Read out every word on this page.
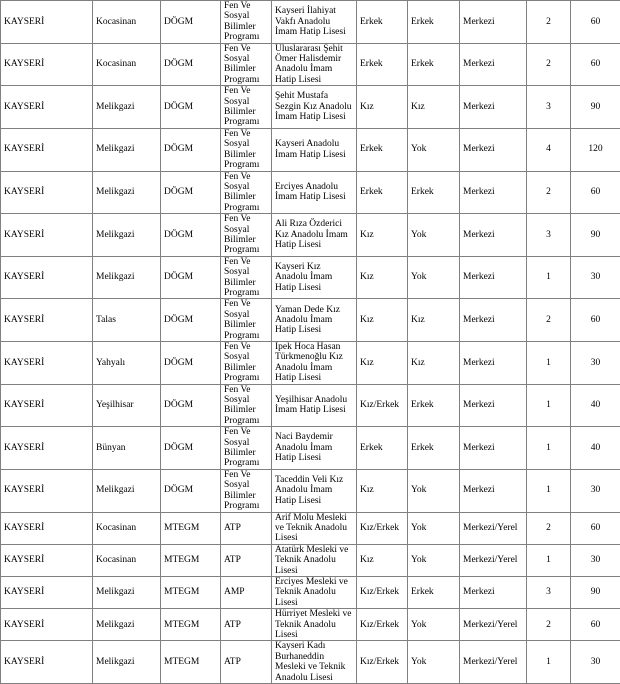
KAYSERİ	Kocasinan	DÖGM	Fen Ve Sosyal Bilimler Programı	Kayseri İlahiyat Vakfı Anadolu İmam Hatip Lisesi	Erkek	Erkek	Merkezi	2	60
KAYSERİ	Kocasinan	DÖGM	Fen Ve Sosyal Bilimler Programı	Uluslararası Şehit Ömer Halisdemir Anadolu İmam Hatip Lisesi	Erkek	Erkek	Merkezi	2	60
KAYSERİ	Melikgazi	DÖGM	Fen Ve Sosyal Bilimler Programı	Şehit Mustafa Sezgin Kız Anadolu İmam Hatip Lisesi	Kız	Kız	Merkezi	3	90
KAYSERİ	Melikgazi	DÖGM	Fen Ve Sosyal Bilimler Programı	Kayseri Anadolu İmam Hatip Lisesi	Erkek	Yok	Merkezi	4	120
KAYSERİ	Melikgazi	DÖGM	Fen Ve Sosyal Bilimler Programı	Erciyes Anadolu İmam Hatip Lisesi	Erkek	Erkek	Merkezi	2	60
KAYSERİ	Melikgazi	DÖGM	Fen Ve Sosyal Bilimler Programı	Ali Rıza Özderici Kız Anadolu İmam Hatip Lisesi	Kız	Yok	Merkezi	3	90
KAYSERİ	Melikgazi	DÖGM	Fen Ve Sosyal Bilimler Programı	Kayseri Kız Anadolu İmam Hatip Lisesi	Kız	Yok	Merkezi	1	30
KAYSERİ	Talas	DÖGM	Fen Ve Sosyal Bilimler Programı	Yaman Dede Kız Anadolu İmam Hatip Lisesi	Kız	Kız	Merkezi	2	60
KAYSERİ	Yahyalı	DÖGM	Fen Ve Sosyal Bilimler Programı	İpek Hoca Hasan Türkmenoğlu Kız Anadolu İmam Hatip Lisesi	Kız	Kız	Merkezi	1	30
KAYSERİ	Yeşilhisar	DÖGM	Fen Ve Sosyal Bilimler Programı	Yeşilhisar Anadolu İmam Hatip Lisesi	Kız/Erkek	Erkek	Merkezi	1	40
KAYSERİ	Bünyan	DÖGM	Fen Ve Sosyal Bilimler Programı	Naci Baydemir Anadolu İmam Hatip Lisesi	Erkek	Erkek	Merkezi	1	40
KAYSERİ	Melikgazi	DÖGM	Fen Ve Sosyal Bilimler Programı	Taceddin Veli Kız Anadolu İmam Hatip Lisesi	Kız	Yok	Merkezi	1	30
KAYSERİ	Kocasinan	MTEGM	ATP	Arif Molu Mesleki ve Teknik Anadolu Lisesi	Kız/Erkek	Yok	Merkezi/Yerel	2	60
KAYSERİ	Kocasinan	MTEGM	ATP	Atatürk Mesleki ve Teknik Anadolu Lisesi	Kız	Yok	Merkezi/Yerel	1	30
KAYSERİ	Melikgazi	MTEGM	AMP	Erciyes Mesleki ve Teknik Anadolu Lisesi	Kız/Erkek	Erkek	Merkezi	3	90
KAYSERİ	Melikgazi	MTEGM	ATP	Hürriyet Mesleki ve Teknik Anadolu Lisesi	Kız/Erkek	Yok	Merkezi/Yerel	2	60
KAYSERİ	Melikgazi	MTEGM	ATP	Kayseri Kadı Burhaneddin Mesleki ve Teknik Anadolu Lisesi	Kız/Erkek	Yok	Merkezi/Yerel	1	30
